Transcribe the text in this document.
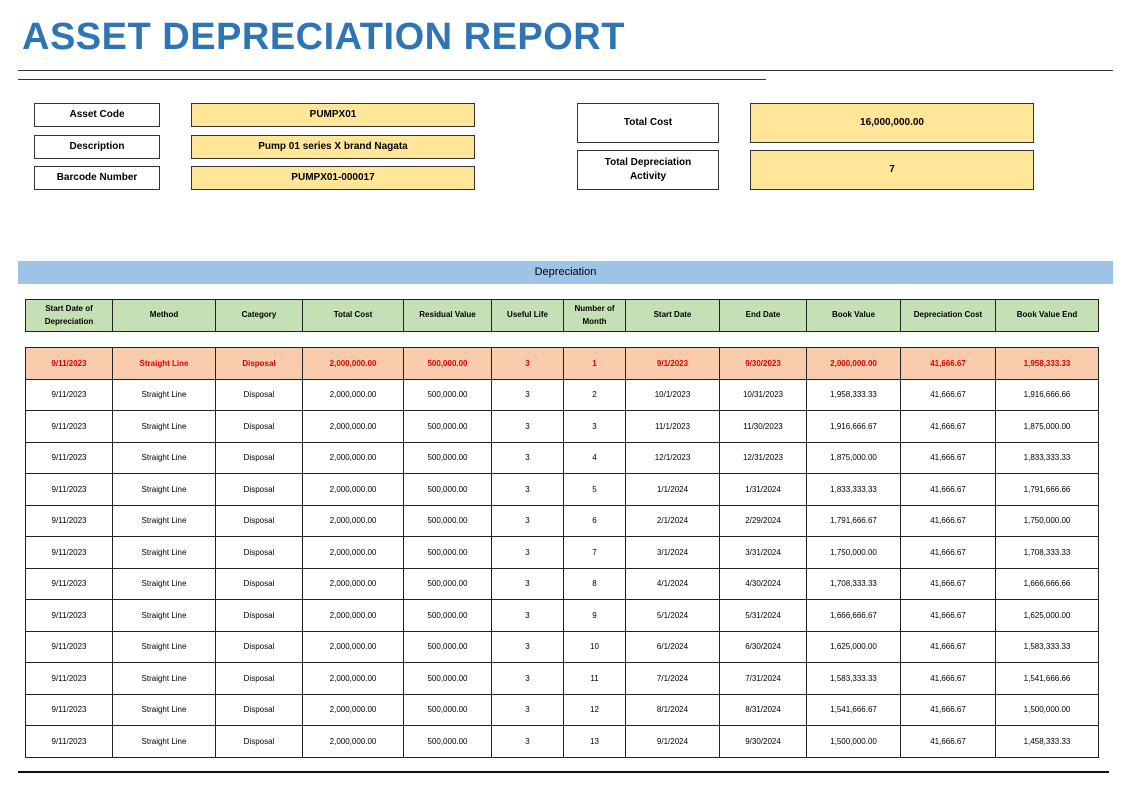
ASSET DEPRECIATION REPORT
Asset Code	PUMPX01
Description	Pump 01 series X brand Nagata
Barcode Number	PUMPX01-000017
Total Cost	16,000,000.00
Total Depreciation
Activity
7
Depreciation
Start Date of Depreciation	Method	Category	Total Cost	Residual Value	Useful Life	Number of Month	Start Date	End Date	Book Value	Depreciation Cost	Book Value End

9/11/2023	Straight Line	Disposal	2,000,000.00	500,000.00	3	1	9/1/2023	9/30/2023	2,000,000.00	41,666.67	1,958,333.33
9/11/2023	Straight Line	Disposal	2,000,000.00	500,000.00	3	2	10/1/2023	10/31/2023	1,958,333.33	41,666.67	1,916,666.66
9/11/2023	Straight Line	Disposal	2,000,000.00	500,000.00	3	3	11/1/2023	11/30/2023	1,916,666.67	41,666.67	1,875,000.00
9/11/2023	Straight Line	Disposal	2,000,000.00	500,000.00	3	4	12/1/2023	12/31/2023	1,875,000.00	41,666.67	1,833,333.33
9/11/2023	Straight Line	Disposal	2,000,000.00	500,000.00	3	5	1/1/2024	1/31/2024	1,833,333.33	41,666.67	1,791,666.66
9/11/2023	Straight Line	Disposal	2,000,000.00	500,000.00	3	6	2/1/2024	2/29/2024	1,791,666.67	41,666.67	1,750,000.00
9/11/2023	Straight Line	Disposal	2,000,000.00	500,000.00	3	7	3/1/2024	3/31/2024	1,750,000.00	41,666.67	1,708,333.33
9/11/2023	Straight Line	Disposal	2,000,000.00	500,000.00	3	8	4/1/2024	4/30/2024	1,708,333.33	41,666.67	1,666,666.66
9/11/2023	Straight Line	Disposal	2,000,000.00	500,000.00	3	9	5/1/2024	5/31/2024	1,666,666.67	41,666.67	1,625,000.00
9/11/2023	Straight Line	Disposal	2,000,000.00	500,000.00	3	10	6/1/2024	6/30/2024	1,625,000.00	41,666.67	1,583,333.33
9/11/2023	Straight Line	Disposal	2,000,000.00	500,000.00	3	11	7/1/2024	7/31/2024	1,583,333.33	41,666.67	1,541,666.66
9/11/2023	Straight Line	Disposal	2,000,000.00	500,000.00	3	12	8/1/2024	8/31/2024	1,541,666.67	41,666.67	1,500,000.00
9/11/2023	Straight Line	Disposal	2,000,000.00	500,000.00	3	13	9/1/2024	9/30/2024	1,500,000.00	41,666.67	1,458,333.33
